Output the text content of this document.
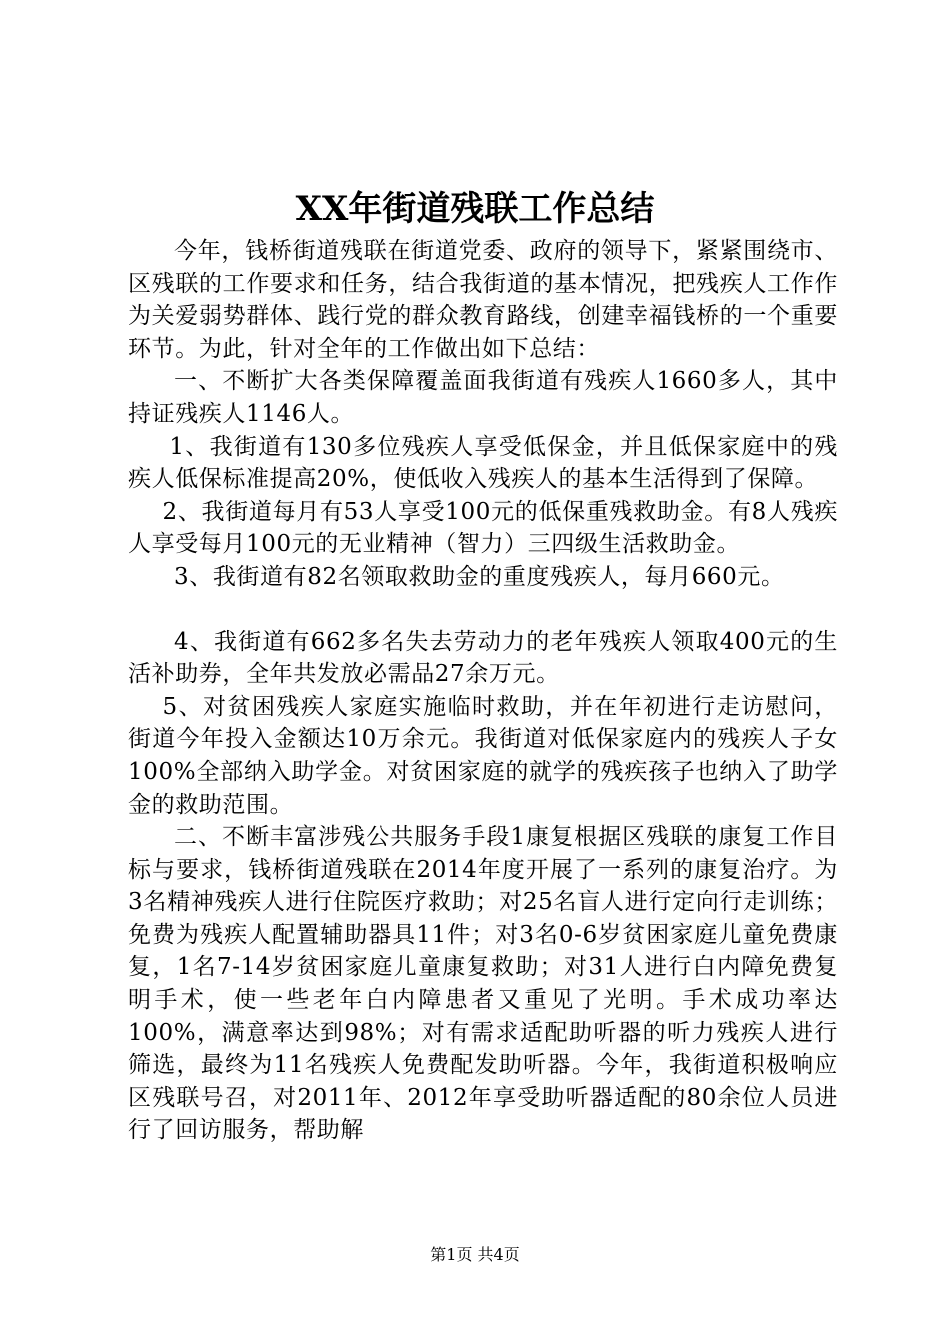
XX年街道残联工作总结

今年，钱桥街道残联在街道党委、政府的领导下，紧紧围绕市、区残联的工作要求和任务，结合我街道的基本情况，把残疾人工作作为关爱弱势群体、践行党的群众教育路线，创建幸福钱桥的一个重要环节。为此，针对全年的工作做出如下总结：

一、不断扩大各类保障覆盖面我街道有残疾人1660多人，其中持证残疾人1146人。

1、我街道有130多位残疾人享受低保金，并且低保家庭中的残疾人低保标准提高20%，使低收入残疾人的基本生活得到了保障。

2、我街道每月有53人享受100元的低保重残救助金。有8人残疾人享受每月100元的无业精神（智力）三四级生活救助金。

3、我街道有82名领取救助金的重度残疾人，每月660元。

4、我街道有662多名失去劳动力的老年残疾人领取400元的生活补助券，全年共发放必需品27余万元。

5、对贫困残疾人家庭实施临时救助，并在年初进行走访慰问，街道今年投入金额达10万余元。我街道对低保家庭内的残疾人子女100%全部纳入助学金。对贫困家庭的就学的残疾孩子也纳入了助学金的救助范围。

二、不断丰富涉残公共服务手段1康复根据区残联的康复工作目标与要求，钱桥街道残联在2014年度开展了一系列的康复治疗。为3名精神残疾人进行住院医疗救助；对25名盲人进行定向行走训练；免费为残疾人配置辅助器具11件；对3名0-6岁贫困家庭儿童免费康复，1名7-14岁贫困家庭儿童康复救助；对31人进行白内障免费复明手术，使一些老年白内障患者又重见了光明。手术成功率达100%，满意率达到98%；对有需求适配助听器的听力残疾人进行筛选，最终为11名残疾人免费配发助听器。今年，我街道积极响应区残联号召，对2011年、2012年享受助听器适配的80余位人员进行了回访服务，帮助解

第1页 共4页
